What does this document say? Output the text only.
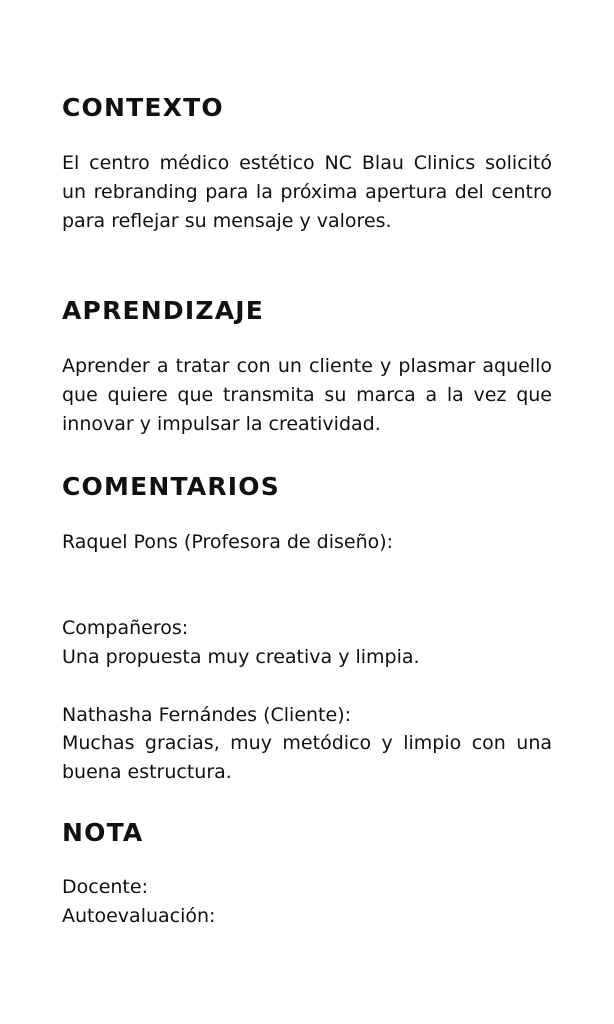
CONTEXTO

El centro médico estético NC Blau Clinics solicitó un rebranding para la próxima apertura del centro para reflejar su mensaje y valores.

APRENDIZAJE

Aprender a tratar con un cliente y plasmar aquello que quiere que transmita su marca a la vez que innovar y impulsar la creatividad.

COMENTARIOS

Raquel Pons (Profesora de diseño):

Compañeros:

Una propuesta muy creativa y limpia.

Nathasha Fernándes (Cliente):

Muchas gracias, muy metódico y limpio con una buena estructura.

NOTA

Docente:

Autoevaluación:
